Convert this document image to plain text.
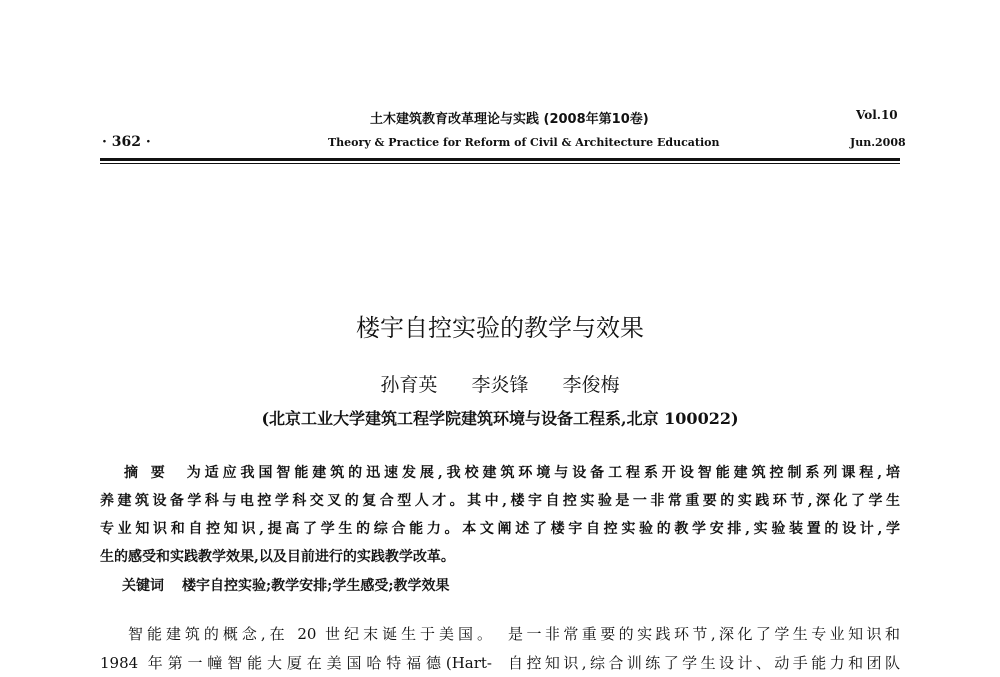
土木建筑教育改革理论与实践 (2008年第10卷)	Vol.10
· 362 ·	Theory & Practice for Reform of Civil & Architecture Education	Jun.2008
楼宇自控实验的教学与效果
孙育英 李炎锋 李俊梅
(北京工业大学建筑工程学院建筑环境与设备工程系,北京 100022)
摘 要 为适应我国智能建筑的迅速发展,我校建筑环境与设备工程系开设智能建筑控制系列课程,培
养建筑设备学科与电控学科交叉的复合型人才。其中,楼宇自控实验是一非常重要的实践环节,深化了学生
专业知识和自控知识,提高了学生的综合能力。本文阐述了楼宇自控实验的教学安排,实验装置的设计,学
生的感受和实践教学效果,以及目前进行的实践教学改革。
关键词 楼宇自控实验;教学安排;学生感受;教学效果
智能建筑的概念,在 20 世纪末诞生于美国。
1984 年第一幢智能大厦在美国哈特福德(Hart-
是一非常重要的实践环节,深化了学生专业知识和
自控知识,综合训练了学生设计、动手能力和团队
